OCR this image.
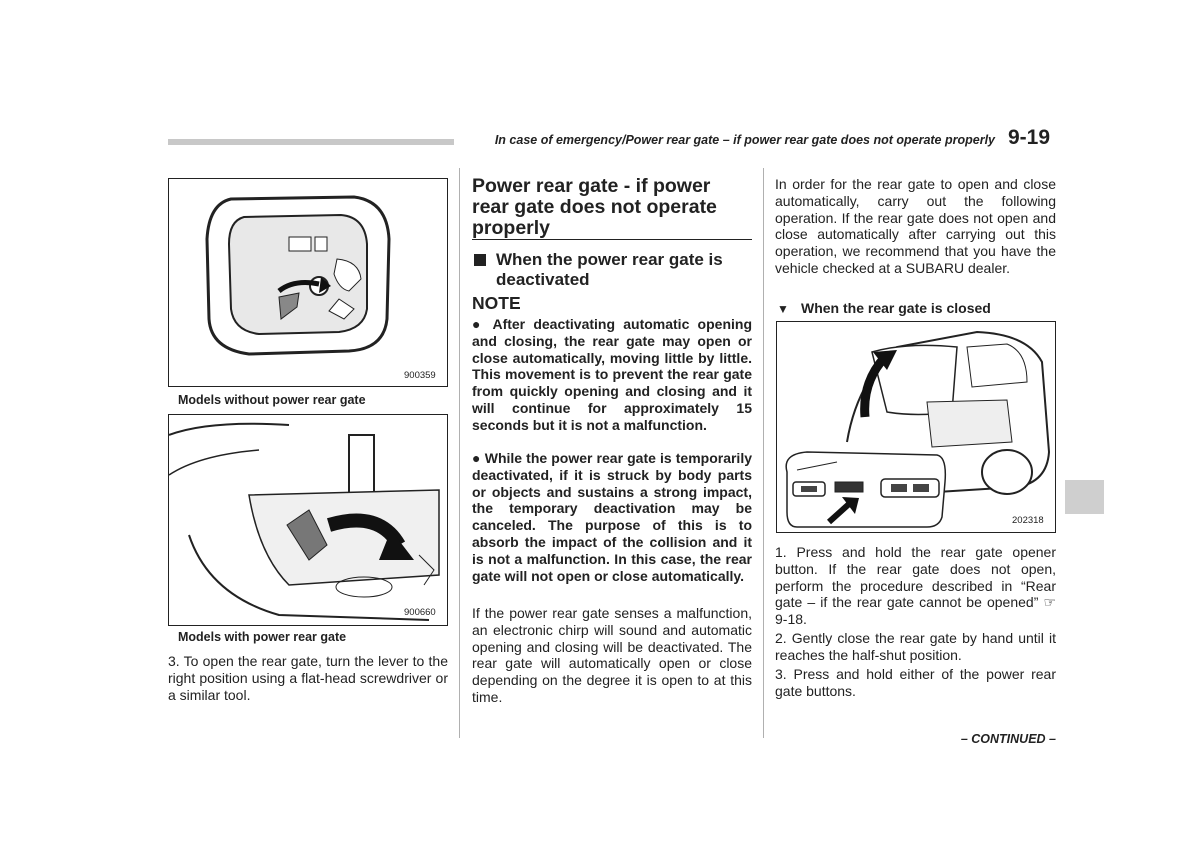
In case of emergency/Power rear gate – if power rear gate does not operate properly 9-19
900359
Models without power rear gate
900660
Models with power rear gate
3. To open the rear gate, turn the lever to the right position using a flat-head screwdriver or a similar tool.
Power rear gate - if power rear gate does not operate properly
When the power rear gate is deactivated
NOTE
● After deactivating automatic opening and closing, the rear gate may open or close automatically, moving little by little. This movement is to prevent the rear gate from quickly opening and closing and it will continue for approximately 15 seconds but it is not a malfunction.
● While the power rear gate is temporarily deactivated, if it is struck by body parts or objects and sustains a strong impact, the temporary deactivation may be canceled. The purpose of this is to absorb the impact of the collision and it is not a malfunction. In this case, the rear gate will not open or close automatically.
If the power rear gate senses a malfunction, an electronic chirp will sound and automatic opening and closing will be deactivated. The rear gate will automatically open or close depending on the degree it is open to at this time.
In order for the rear gate to open and close automatically, carry out the following operation. If the rear gate does not open and close automatically after carrying out this operation, we recommend that you have the vehicle checked at a SUBARU dealer.
▼ When the rear gate is closed
202318
1. Press and hold the rear gate opener button. If the rear gate does not open, perform the procedure described in “Rear gate – if the rear gate cannot be opened” ☞9-18.
2. Gently close the rear gate by hand until it reaches the half-shut position.
3. Press and hold either of the power rear gate buttons.
– CONTINUED –
